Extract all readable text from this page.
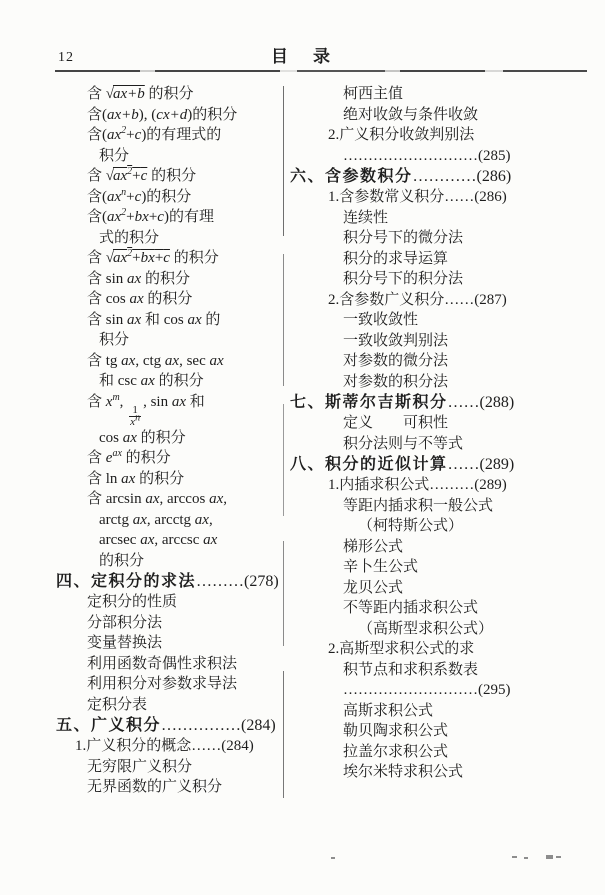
12	目　录
含 √ax+b 的积分
含(ax+b), (cx+d)的积分
含$(ax^2+c)$的有理式的
积分
含 $√ax^2+c$ 的积分
含$(ax^n+c)$的积分
含$(ax^2+bx+c)$的有理
式的积分
含 $√ax^2+bx+c$ 的积分
含 sin ax 的积分
含 cos ax 的积分
含 sin ax 和 cos ax 的
积分
含 tg ax, ctg ax, sec ax
和 csc ax 的积分
含 $x^m$,
$\frac{1}{x^n}$
, sin ax 和
cos ax 的积分
含 $e^{ax}$ 的积分
含 ln ax 的积分
含 arcsin ax, arccos ax,
arctg ax, arcctg ax,
arcsec ax, arccsc ax
的积分
四、定积分的求法………(278)
定积分的性质
分部积分法
变量替换法
利用函数奇偶性求积法
利用积分对参数求导法
定积分表
五、广义积分……………(284)
1.广义积分的概念……(284)
无穷限广义积分
无界函数的广义积分
柯西主值
绝对收敛与条件收敛
2.广义积分收敛判别法
………………………(285)
六、含参数积分…………(286)
1.含参数常义积分……(286)
连续性
积分号下的微分法
积分的求导运算
积分号下的积分法
2.含参数广义积分……(287)
一致收敛性
一致收敛判别法
对参数的微分法
对参数的积分法
七、斯蒂尔吉斯积分……(288)
定义　　可积性
积分法则与不等式
八、积分的近似计算……(289)
1.内插求积公式………(289)
等距内插求积一般公式
（柯特斯公式）
梯形公式
辛卜生公式
龙贝公式
不等距内插求积公式
（高斯型求积公式）
2.高斯型求积公式的求
积节点和求积系数表
………………………(295)
高斯求积公式
勒贝陶求积公式
拉盖尔求积公式
埃尔米特求积公式
